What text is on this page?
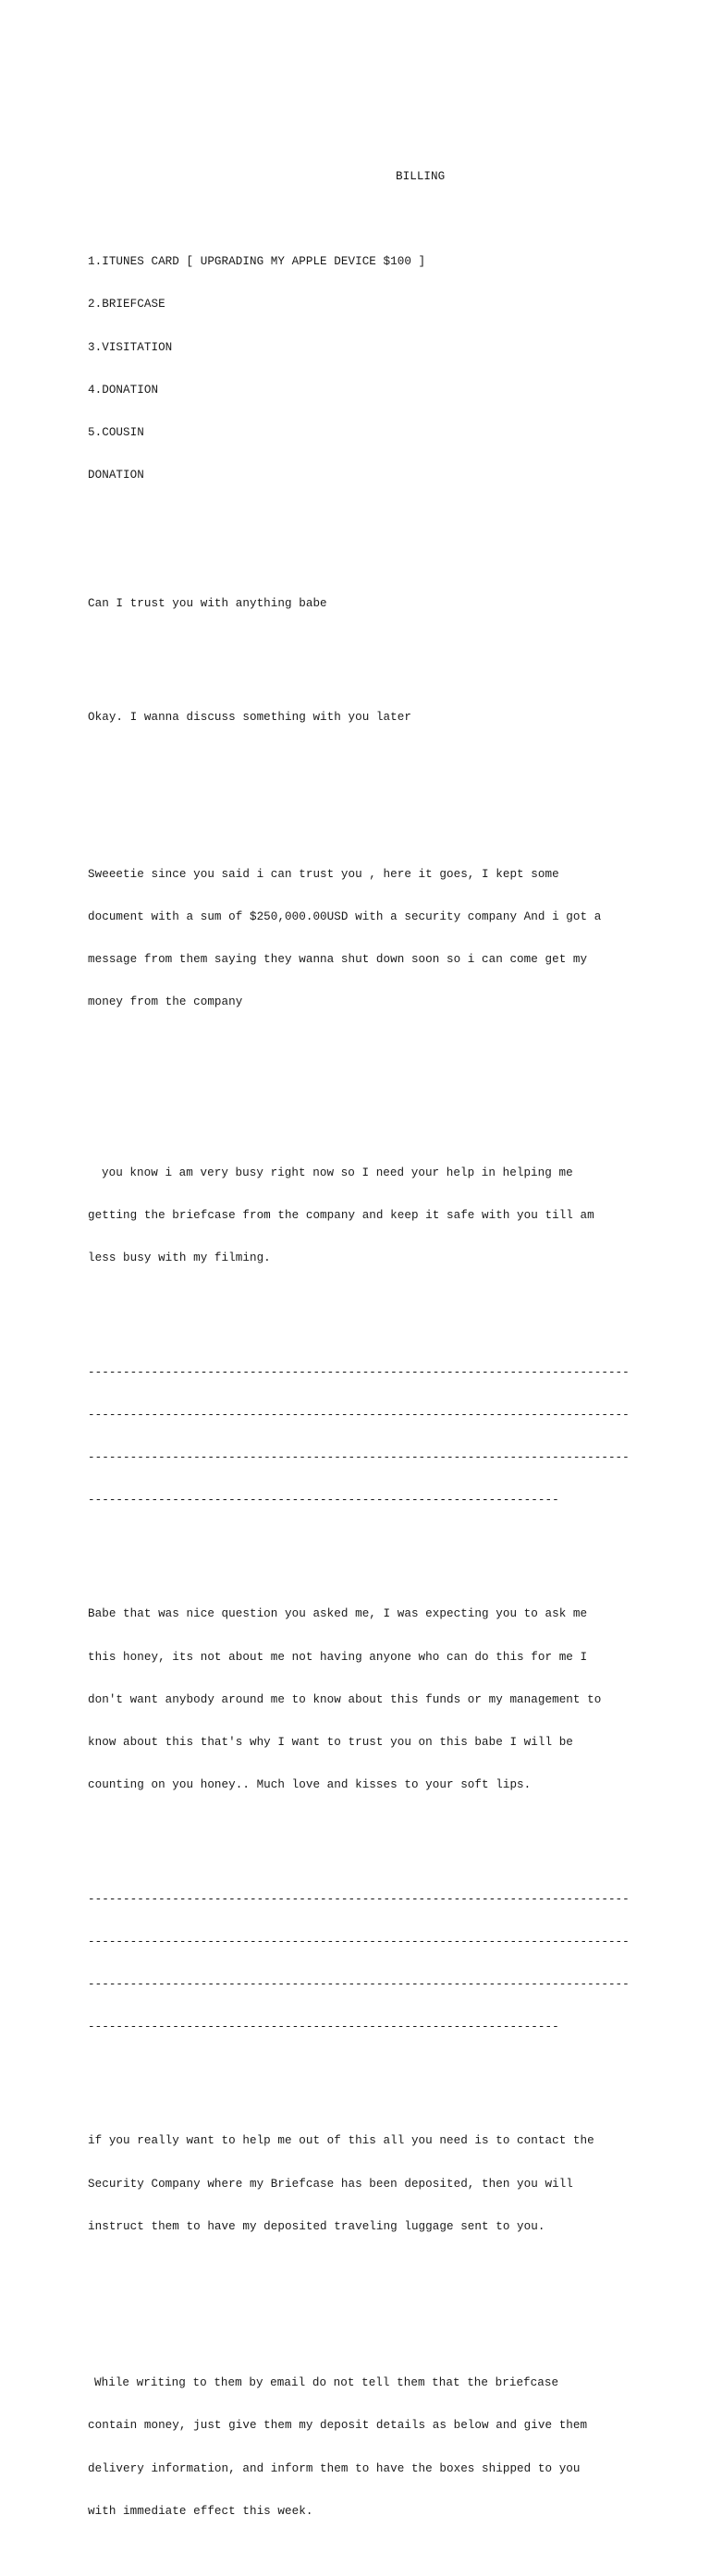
BILLING

1.ITUNES CARD [ UPGRADING MY APPLE DEVICE $100 ]

2.BRIEFCASE

3.VISITATION

4.DONATION

5.COUSIN

DONATION

Can I trust you with anything babe

Okay. I wanna discuss something with you later

Sweeetie since you said i can trust you , here it goes, I kept some

document with a sum of $250,000.00USD with a security company And i got a

message from them saying they wanna shut down soon so i can come get my

money from the company

you know i am very busy right now so I need your help in helping me

getting the briefcase from the company and keep it safe with you till am

less busy with my filming.

-----------------------------------------------------------------------------

-----------------------------------------------------------------------------

-----------------------------------------------------------------------------

-------------------------------------------------------------------

Babe that was nice question you asked me, I was expecting you to ask me

this honey, its not about me not having anyone who can do this for me I

don't want anybody around me to know about this funds or my management to

know about this that's why I want to trust you on this babe I will be

counting on you honey.. Much love and kisses to your soft lips.

-----------------------------------------------------------------------------

-----------------------------------------------------------------------------

-----------------------------------------------------------------------------

-------------------------------------------------------------------

if you really want to help me out of this all you need is to contact the

Security Company where my Briefcase has been deposited, then you will

instruct them to have my deposited traveling luggage sent to you.

While writing to them by email do not tell them that the briefcase

contain money, just give them my deposit details as below and give them

delivery information, and inform them to have the boxes shipped to you

with immediate effect this week.
